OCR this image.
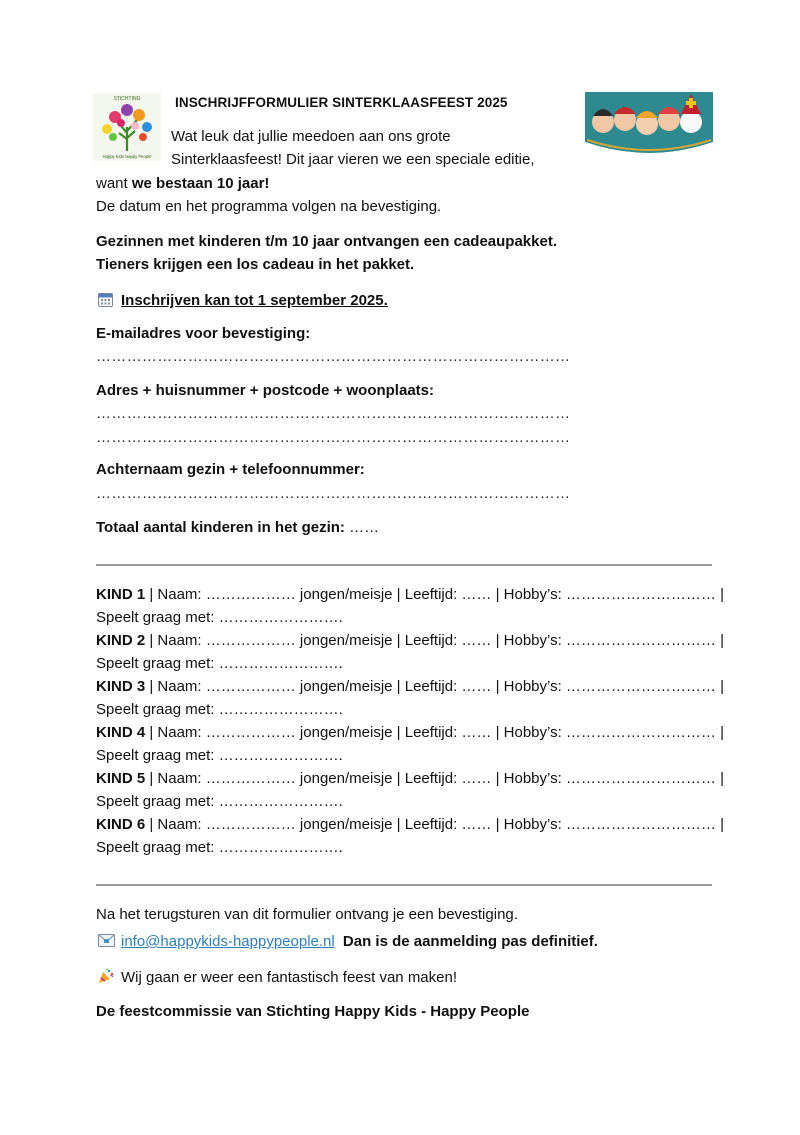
STICHTING
Happy Kids Happy People
INSCHRIJFFORMULIER SINTERKLAASFEEST 2025
Wat leuk dat jullie meedoen aan ons grote
Sinterklaasfeest! Dit jaar vieren we een speciale editie,
want we bestaan 10 jaar!
De datum en het programma volgen na bevestiging.
Gezinnen met kinderen t/m 10 jaar ontvangen een cadeaupakket.
Tieners krijgen een los cadeau in het pakket.
Inschrijven kan tot 1 september 2025.
E-mailadres voor bevestiging:
…………………………………………………………………………………
Adres + huisnummer + postcode + woonplaats:
…………………………………………………………………………………
…………………………………………………………………………………
Achternaam gezin + telefoonnummer:
…………………………………………………………………………………
Totaal aantal kinderen in het gezin: ……
KIND 1 | Naam: ……………… jongen/meisje | Leeftijd: …… | Hobby’s: ………………………… |
Speelt graag met: …………………….
KIND 2 | Naam: ……………… jongen/meisje | Leeftijd: …… | Hobby’s: ………………………… |
Speelt graag met: …………………….
KIND 3 | Naam: ……………… jongen/meisje | Leeftijd: …… | Hobby’s: ………………………… |
Speelt graag met: …………………….
KIND 4 | Naam: ……………… jongen/meisje | Leeftijd: …… | Hobby’s: ………………………… |
Speelt graag met: …………………….
KIND 5 | Naam: ……………… jongen/meisje | Leeftijd: …… | Hobby’s: ………………………… |
Speelt graag met: …………………….
KIND 6 | Naam: ……………… jongen/meisje | Leeftijd: …… | Hobby’s: ………………………… |
Speelt graag met: …………………….
Na het terugsturen van dit formulier ontvang je een bevestiging.
info@happykids-happypeople.nl Dan is de aanmelding pas definitief.
Wij gaan er weer een fantastisch feest van maken!
De feestcommissie van Stichting Happy Kids - Happy People
